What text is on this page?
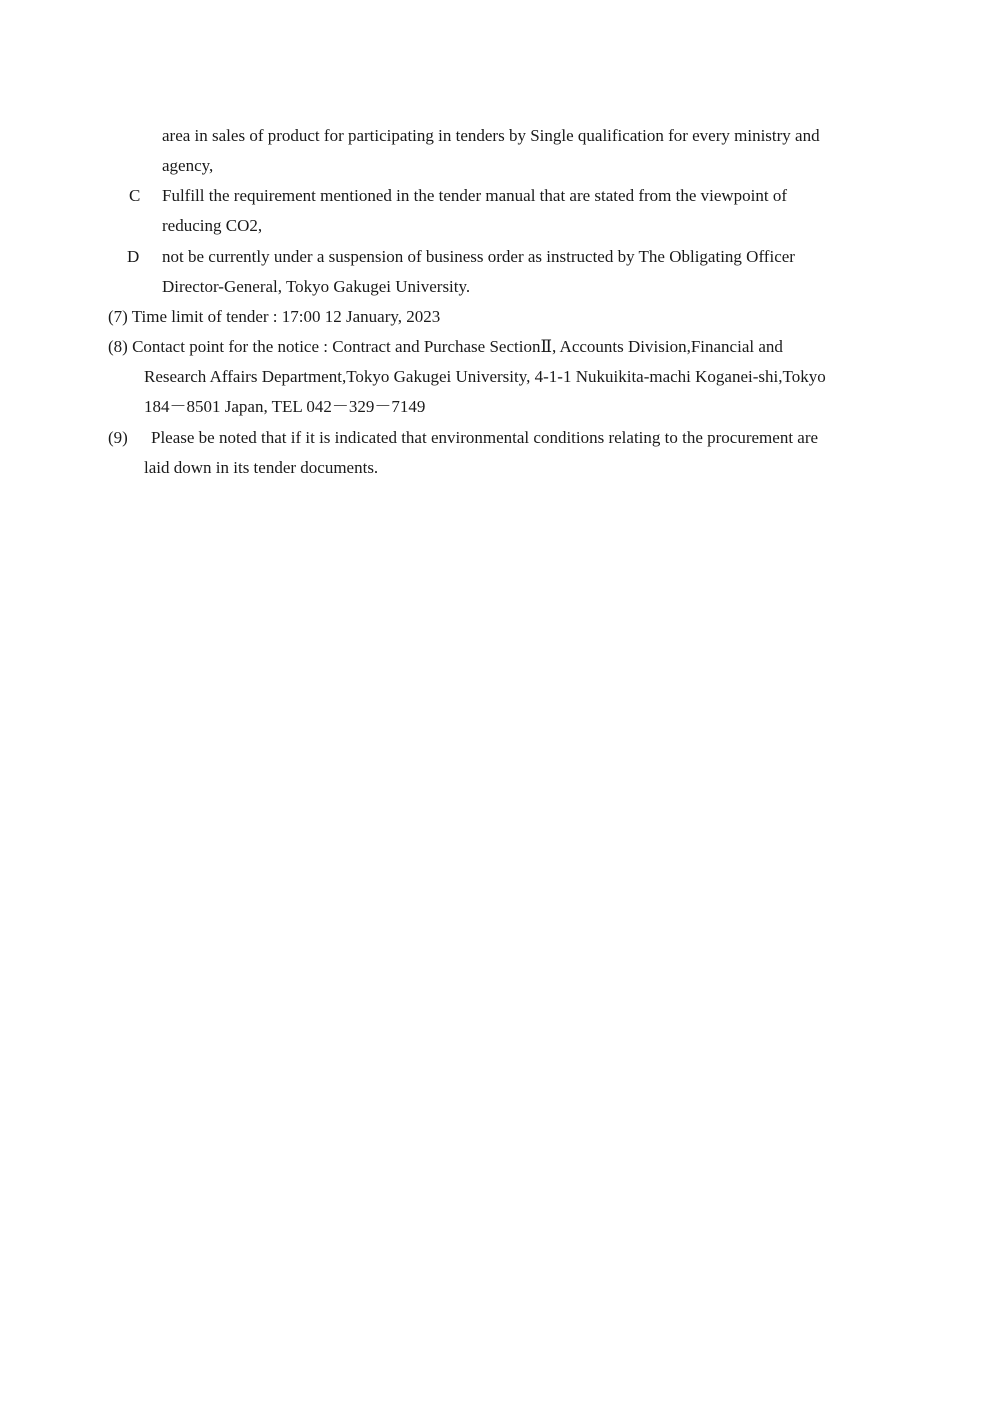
area in sales of product for participating in tenders by Single qualification for every ministry and
agency,
C Fulfill the requirement mentioned in the tender manual that are stated from the viewpoint of
reducing CO2,
D not be currently under a suspension of business order as instructed by The Obligating Officer
Director-General, Tokyo Gakugei University.
(7) Time limit of tender : 17:00 12 January, 2023
(8) Contact point for the notice : Contract and Purchase SectionⅡ, Accounts Division,Financial and
Research Affairs Department,Tokyo Gakugei University, 4-1-1 Nukuikita-machi Koganei-shi,Tokyo
184－8501 Japan, TEL 042－329－7149
(9) Please be noted that if it is indicated that environmental conditions relating to the procurement are
laid down in its tender documents.
